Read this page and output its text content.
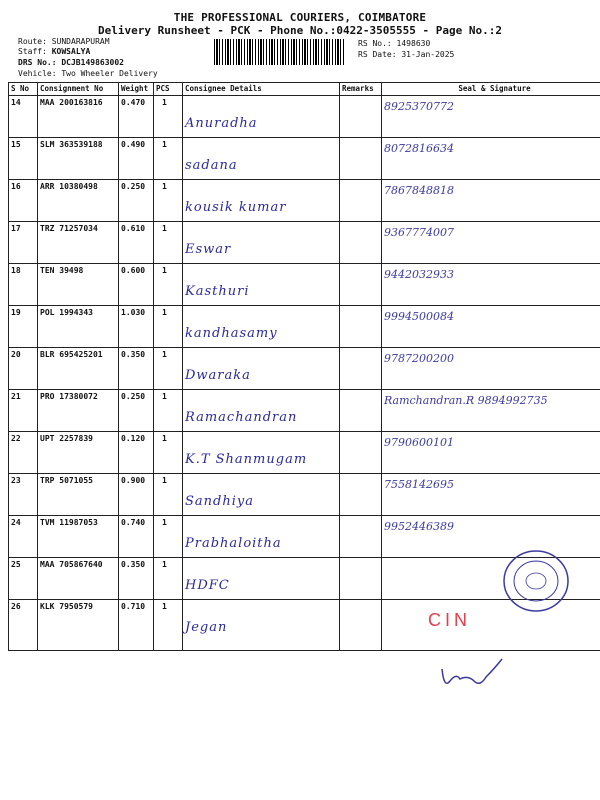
THE PROFESSIONAL COURIERS, COIMBATORE
Delivery Runsheet - PCK - Phone No.:0422-3505555 - Page No.:2
Route: SUNDARAPURAM
Staff: KOWSALYA
DRS No.: DCJB149863002
Vehicle: Two Wheeler Delivery
RS No.: 1498630
RS Date: 31-Jan-2025
S No	Consignment No	Weight	PCS	Consignee Details	Remarks	Seal & Signature
14	MAA 200163816	0.470	1	Anuradha		8925370772

15	SLM 363539188	0.490	1	sadana		8072816634

16	ARR 10380498	0.250	1	kousik kumar		7867848818

17	TRZ 71257034	0.610	1	Eswar		9367774007

18	TEN 39498	0.600	1	Kasthuri		9442032933

19	POL 1994343	1.030	1	kandhasamy		9994500084

20	BLR 695425201	0.350	1	Dwaraka		9787200200

21	PRO 17380072	0.250	1	Ramachandran		Ramchandran.R 9894992735

22	UPT 2257839	0.120	1	K.T Shanmugam		9790600101

23	TRP 5071055	0.900	1	Sandhiya		7558142695

24	TVM 11987053	0.740	1	Prabhaloitha		9952446389

25	MAA 705867640	0.350	1	HDFC		

26	KLK 7950579	0.710	1	Jegan		
			CIN
